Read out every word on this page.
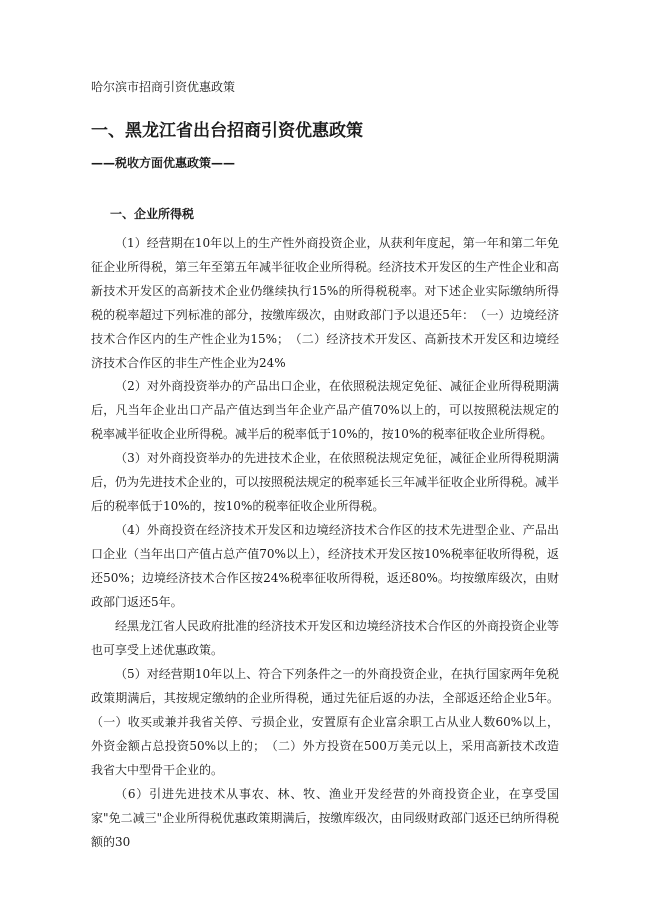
哈尔滨市招商引资优惠政策
一、黑龙江省出台招商引资优惠政策
——税收方面优惠政策——
一、企业所得税

（1）经营期在10年以上的生产性外商投资企业，从获利年度起，第一年和第二年免征企业所得税，第三年至第五年减半征收企业所得税。经济技术开发区的生产性企业和高新技术开发区的高新技术企业仍继续执行15%的所得税税率。对下述企业实际缴纳所得税的税率超过下列标准的部分，按缴库级次，由财政部门予以退还5年：　（一）边境经济技术合作区内的生产性企业为15%；　（二）经济技术开发区、高新技术开发区和边境经济技术合作区的非生产性企业为24%

（2）对外商投资举办的产品出口企业，在依照税法规定免征、减征企业所得税期满后，凡当年企业出口产品产值达到当年企业产品产值70%以上的，可以按照税法规定的税率减半征收企业所得税。减半后的税率低于10%的，按10%的税率征收企业所得税。

（3）对外商投资举办的先进技术企业，在依照税法规定免征，减征企业所得税期满后，仍为先进技术企业的，可以按照税法规定的税率延长三年减半征收企业所得税。减半后的税率低于10%的，按10%的税率征收企业所得税。

（4）外商投资在经济技术开发区和边境经济技术合作区的技术先进型企业、产品出口企业（当年出口产值占总产值70%以上），经济技术开发区按10%税率征收所得税，返还50%；边境经济技术合作区按24%税率征收所得税，返还80%。均按缴库级次，由财政部门返还5年。

经黑龙江省人民政府批准的经济技术开发区和边境经济技术合作区的外商投资企业等也可享受上述优惠政策。

（5）对经营期10年以上、符合下列条件之一的外商投资企业，在执行国家两年免税政策期满后，其按规定缴纳的企业所得税，通过先征后返的办法，全部返还给企业5年。（一）收买或兼并我省关停、亏损企业，安置原有企业富余职工占从业人数60%以上，外资金额占总投资50%以上的；　（二）外方投资在500万美元以上，采用高新技术改造我省大中型骨干企业的。

（6）引进先进技术从事农、林、牧、渔业开发经营的外商投资企业，在享受国家"免二减三"企业所得税优惠政策期满后，按缴库级次，由同级财政部门返还已纳所得税额的30
